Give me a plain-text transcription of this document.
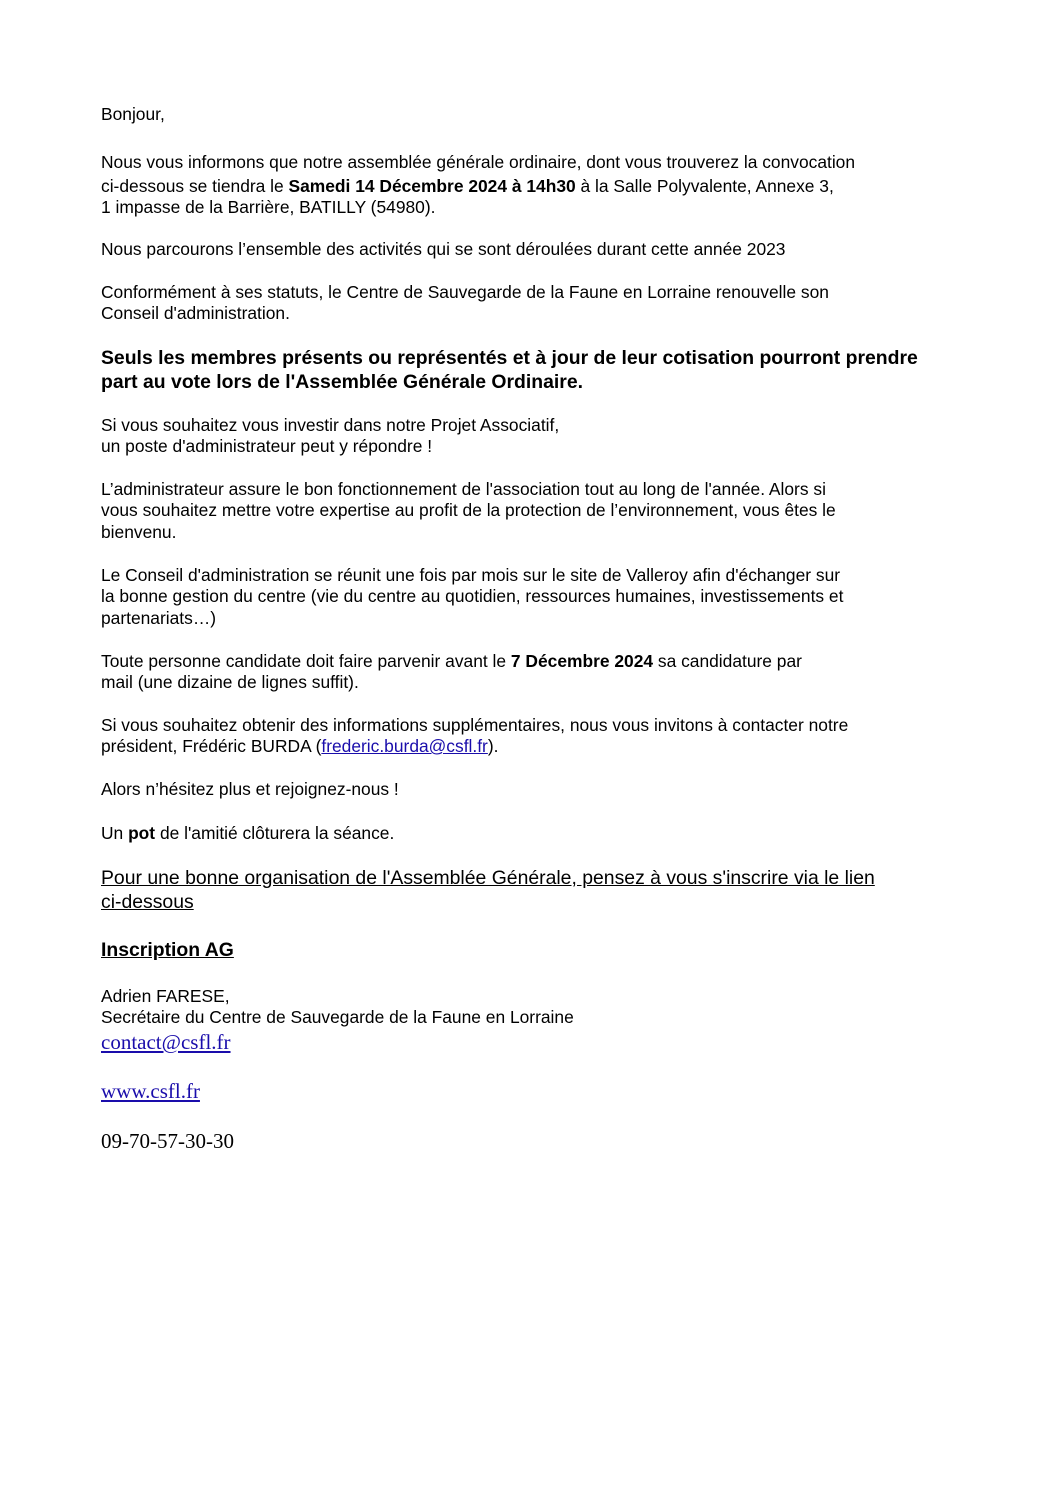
Bonjour,
Nous vous informons que notre assemblée générale ordinaire, dont vous trouverez la convocation
ci-dessous se tiendra le Samedi 14 Décembre 2024 à 14h30 à la Salle Polyvalente, Annexe 3,
1 impasse de la Barrière, BATILLY (54980).
Nous parcourons l’ensemble des activités qui se sont déroulées durant cette année 2023
Conformément à ses statuts, le Centre de Sauvegarde de la Faune en Lorraine renouvelle son
Conseil d'administration.
Seuls les membres présents ou représentés et à jour de leur cotisation pourront prendre
part au vote lors de l'Assemblée Générale Ordinaire.
Si vous souhaitez vous investir dans notre Projet Associatif,
un poste d'administrateur peut y répondre !
L’administrateur assure le bon fonctionnement de l'association tout au long de l'année. Alors si
vous souhaitez mettre votre expertise au profit de la protection de l’environnement, vous êtes le
bienvenu.
Le Conseil d'administration se réunit une fois par mois sur le site de Valleroy afin d'échanger sur
la bonne gestion du centre (vie du centre au quotidien, ressources humaines, investissements et
partenariats…)
Toute personne candidate doit faire parvenir avant le 7 Décembre 2024 sa candidature par
mail (une dizaine de lignes suffit).
Si vous souhaitez obtenir des informations supplémentaires, nous vous invitons à contacter notre
président, Frédéric BURDA (frederic.burda@csfl.fr).
Alors n’hésitez plus et rejoignez-nous !
Un pot de l'amitié clôturera la séance.
Pour une bonne organisation de l'Assemblée Générale, pensez à vous s'inscrire via le lien
ci-dessous
Inscription AG
Adrien FARESE,
Secrétaire du Centre de Sauvegarde de la Faune en Lorraine
contact@csfl.fr
www.csfl.fr
09-70-57-30-30
